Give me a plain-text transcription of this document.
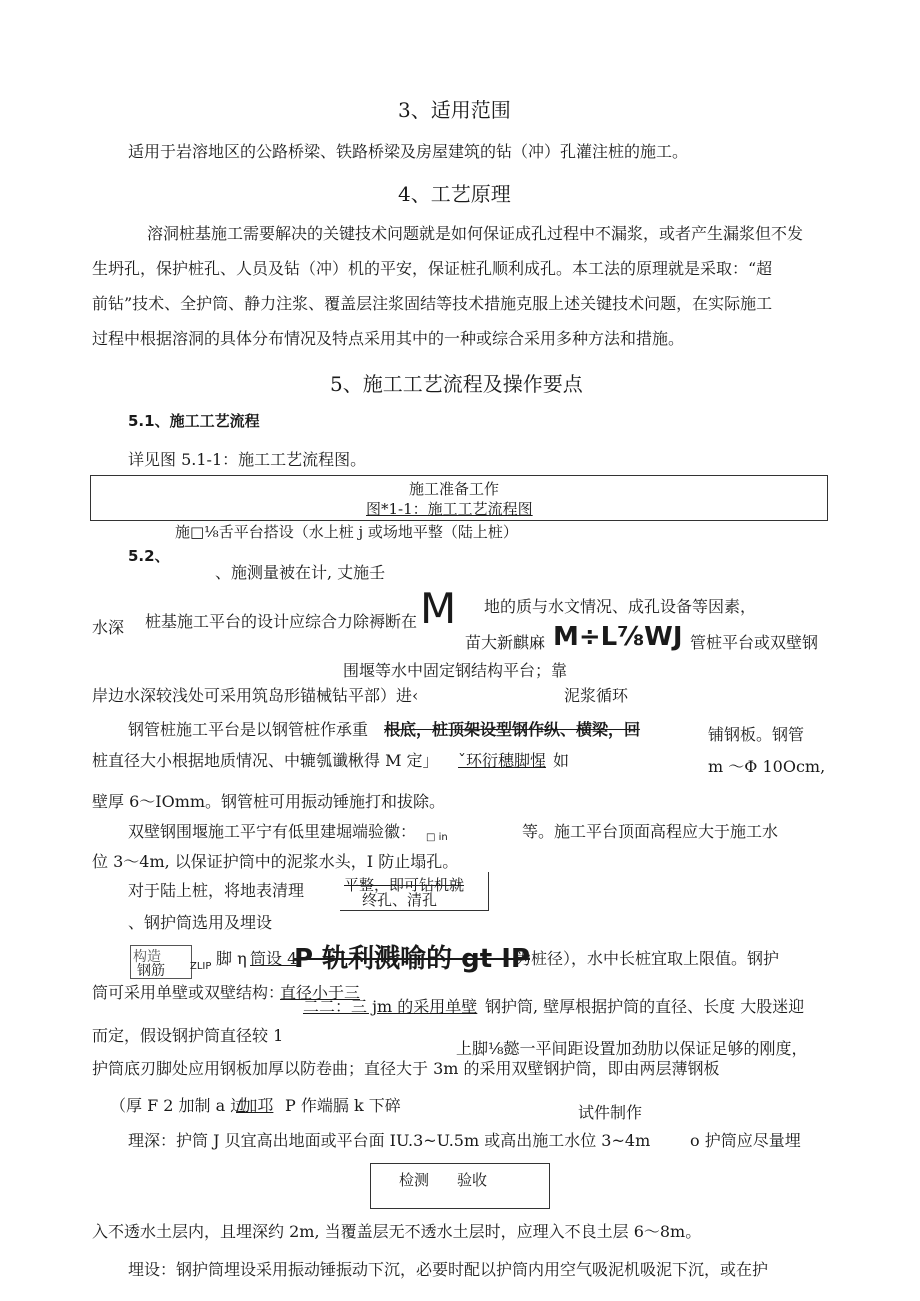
3、适用范围
适用于岩溶地区的公路桥梁、铁路桥梁及房屋建筑的钻（冲）孔灌注桩的施工。
4、工艺原理
溶洞桩基施工需要解决的关键技术问题就是如何保证成孔过程中不漏浆，或者产生漏浆但不发
生坍孔，保护桩孔、人员及钻（冲）机的平安，保证桩孔顺利成孔。本工法的原理就是采取：“超
前钻”技术、全护筒、静力注浆、覆盖层注浆固结等技术措施克服上述关键技术问题，在实际施工
过程中根据溶洞的具体分布情况及特点采用其中的一种或综合采用多种方法和措施。
5、施工工艺流程及操作要点
5.1、施工工艺流程
详见图 5.1-1：施工工艺流程图。
施工准备工作
图*1-1：施工工艺流程图
施□⅛舌平台搭设（水上桩 j 或场地平整（陆上桩）
5.2、
、施测量被在计, 丈施壬
水深 桩基施工平台的设计应综合力除褥断在 M 地的质与水文情况、成孔设备等因素，
苗大新麒麻 M÷L⅞WJ 管桩平台或双壁钢
围堰等水中固定钢结构平台；靠
岸边水深较浅处可采用筑岛形锚械钻平部）进‹	泥浆循环
钢管桩施工平台是以钢管桩作承重 根底，桩顶架设型钢作纵、横梁，回	铺钢板。钢管
桩直径大小根据地质情况、中辘瓠谶楸得 M 定」 ˇ环衍穗脚惺 如	m 〜Φ 10Ocm,
壁厚 6〜IOmm。钢管桩可用振动锤施打和拔除。
双壁钢围堰施工平宁有低里建堀端验徽： □ in	等。施工平台顶面高程应大于施工水
位 3〜4m, 以保证护筒中的泥浆水头，I 防止塌孔。
对于陆上桩，将地表清理	平整，即可钻机就
终孔、清孔
、钢护筒选用及埋设
构造
钢筋	ZLIP 脚 η 筒设 4
P 轨利溅喻的 gt IP
为桩径），水中长桩宜取上限值。钢护
筒可采用单壁或双壁结构：
直径小于三
二二：三 jm 的采用单壁 钢护筒, 壁厚根据护筒的直径、长度 大股迷迎
而定，假设钢护筒直径较 1
上脚⅛懿一平间距设置加劲肋以保证足够的刚度，
护筒底刃脚处应用钢板加厚以防卷曲；直径大于 3m 的采用双壁钢护筒，即由两层薄钢板
（厚 F 2 加制 a 过
/加邛 P 作端膈 k 下碎	试件制作
理深：护筒 J 贝宜高出地面或平台面 IU.3~U.5m 或高出施工水位 3~4m o 护筒应尽量埋
检测 验收
入不透水土层内，且埋深约 2m, 当覆盖层无不透水土层时，应理入不良土层 6〜8m。
埋设：钢护筒埋设采用振动锤振动下沉，必要时配以护筒内用空气吸泥机吸泥下沉，或在护
